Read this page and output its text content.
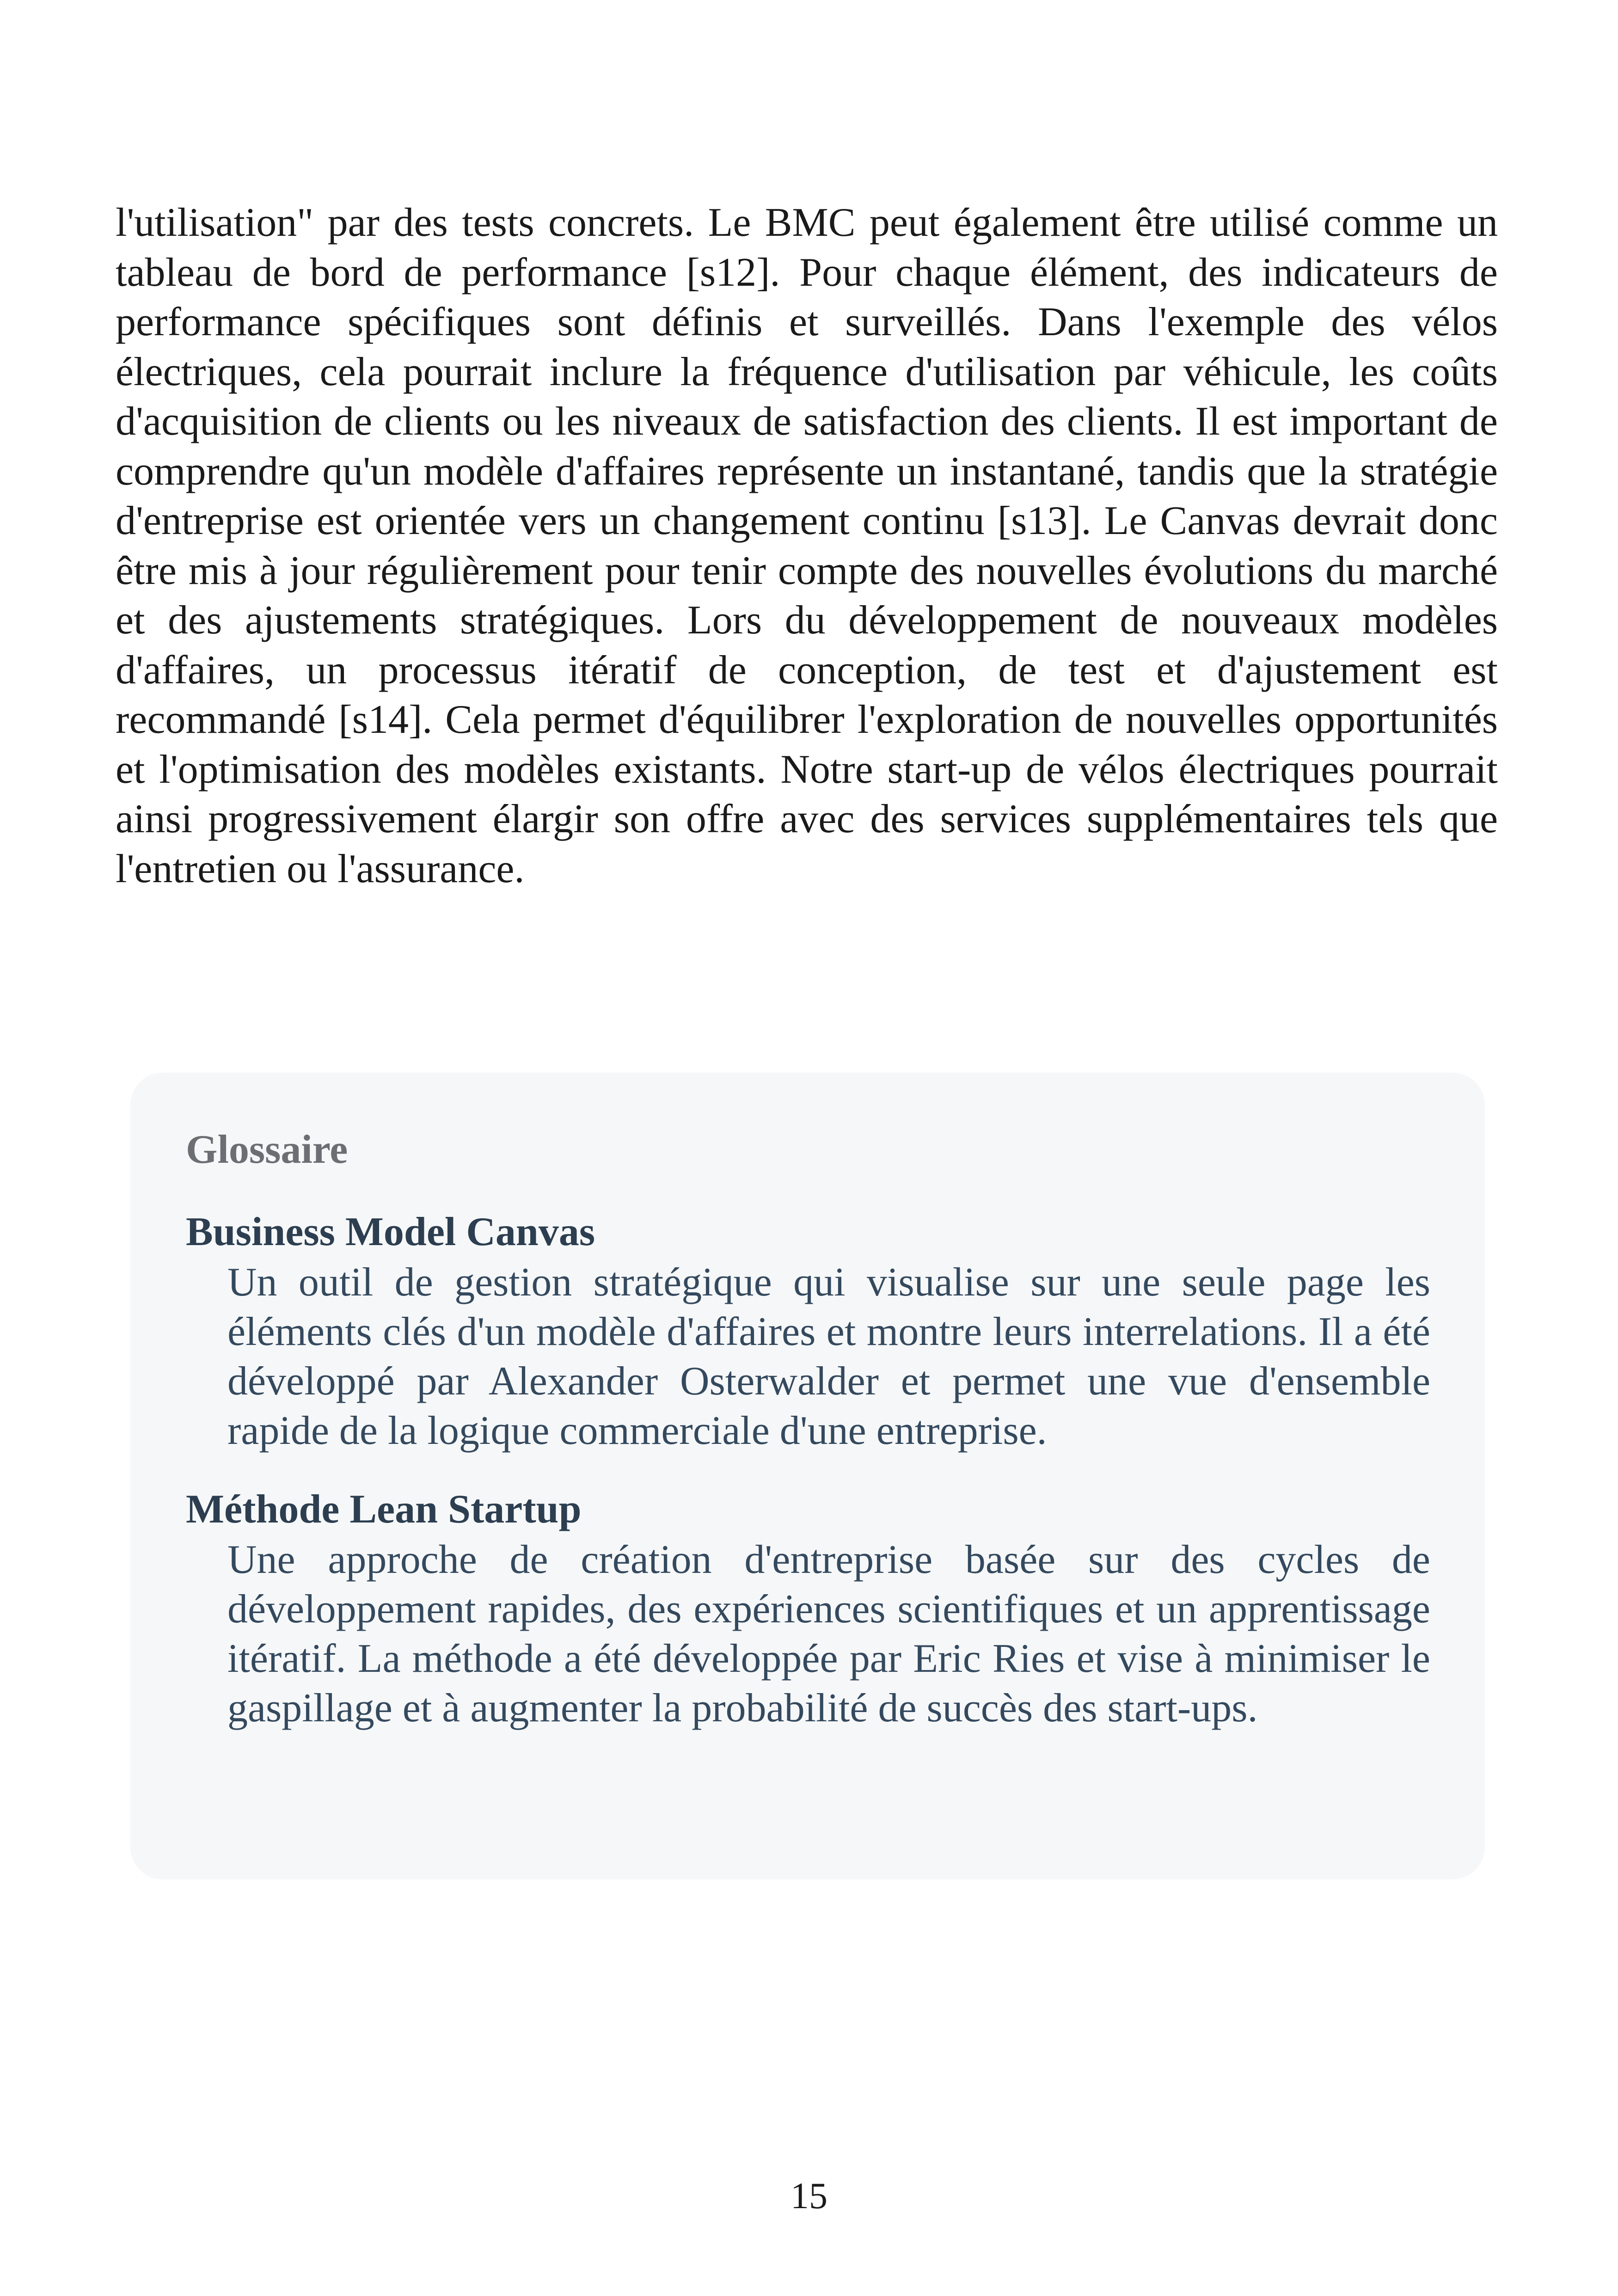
l'utilisation" par des tests concrets. Le BMC peut également être utilisé comme un tableau de bord de performance [s12]. Pour chaque élément, des indicateurs de performance spécifiques sont définis et surveillés. Dans l'exemple des vélos électriques, cela pourrait inclure la fréquence d'utilisation par véhicule, les coûts d'acquisition de clients ou les niveaux de satisfaction des clients. Il est important de comprendre qu'un modèle d'affaires représente un instantané, tandis que la stratégie d'entreprise est orientée vers un changement continu [s13]. Le Canvas devrait donc être mis à jour régulièrement pour tenir compte des nouvelles évolutions du marché et des ajustements stratégiques. Lors du développement de nouveaux modèles d'affaires, un processus itératif de conception, de test et d'ajustement est recommandé [s14]. Cela permet d'équilibrer l'exploration de nouvelles opportunités et l'optimisation des modèles existants. Notre start-up de vélos électriques pourrait ainsi progressivement élargir son offre avec des services supplémentaires tels que l'entretien ou l'assurance.

Glossaire
Business Model Canvas
Un outil de gestion stratégique qui visualise sur une seule page les éléments clés d'un modèle d'affaires et montre leurs interrelations. Il a été développé par Alexander Osterwalder et permet une vue d'ensemble rapide de la logique commerciale d'une entreprise.
Méthode Lean Startup
Une approche de création d'entreprise basée sur des cycles de développement rapides, des expériences scientifiques et un apprentissage itératif. La méthode a été développée par Eric Ries et vise à minimiser le gaspillage et à augmenter la probabilité de succès des start-ups.
15
